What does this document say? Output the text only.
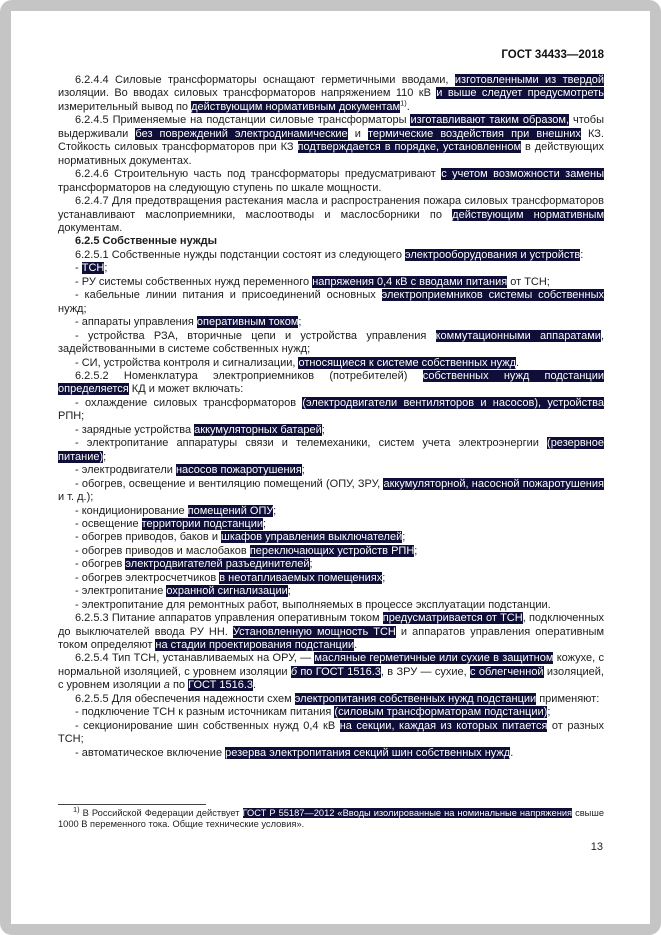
ГОСТ 34433—2018

6.2.4.4 Силовые трансформаторы оснащают герметичными вводами, изготовленными из твердой изоляции. Во вводах силовых трансформаторов напряжением 110 кВ и выше следует предусмотреть измерительный вывод по действующим нормативным документам$^{1)}$.

6.2.4.5 Применяемые на подстанции силовые трансформаторы изготавливают таким образом, чтобы выдерживали без повреждений электродинамические и термические воздействия при внешних КЗ. Стойкость силовых трансформаторов при КЗ подтверждается в порядке, установленном в действующих нормативных документах.

6.2.4.6 Строительную часть под трансформаторы предусматривают с учетом возможности замены трансформаторов на следующую ступень по шкале мощности.

6.2.4.7 Для предотвращения растекания масла и распространения пожара силовых трансформаторов устанавливают маслоприемники, маслоотводы и маслосборники по действующим нормативным документам.

6.2.5 Собственные нужды

6.2.5.1 Собственные нужды подстанции состоят из следующего электрооборудования и устройств:

- ТСН;

- РУ системы собственных нужд переменного напряжения 0,4 кВ с вводами питания от ТСН;

- кабельные линии питания и присоединений основных электроприемников системы собственных нужд;

- аппараты управления оперативным током;

- устройства РЗА, вторичные цепи и устройства управления коммутационными аппаратами, задействованными в системе собственных нужд;

- СИ, устройства контроля и сигнализации, относящиеся к системе собственных нужд.

6.2.5.2 Номенклатура электроприемников (потребителей) собственных нужд подстанции определяется КД и может включать:

- охлаждение силовых трансформаторов (электродвигатели вентиляторов и насосов), устройства РПН;

- зарядные устройства аккумуляторных батарей;

- электропитание аппаратуры связи и телемеханики, систем учета электроэнергии (резервное питание);

- электродвигатели насосов пожаротушения;

- обогрев, освещение и вентиляцию помещений (ОПУ, ЗРУ, аккумуляторной, насосной пожаротушения и т. д.);

- кондиционирование помещений ОПУ;

- освещение территории подстанции;

- обогрев приводов, баков и шкафов управления выключателей;

- обогрев приводов и маслобаков переключающих устройств РПН;

- обогрев электродвигателей разъединителей;

- обогрев электросчетчиков в неотапливаемых помещениях;

- электропитание охранной сигнализации;

- электропитание для ремонтных работ, выполняемых в процессе эксплуатации подстанции.

6.2.5.3 Питание аппаратов управления оперативным током предусматривается от ТСН, подключенных до выключателей ввода РУ НН. Установленную мощность ТСН и аппаратов управления оперативным током определяют на стадии проектирования подстанции.

6.2.5.4 Тип ТСН, устанавливаемых на ОРУ, — масляные герметичные или сухие в защитном кожухе, с нормальной изоляцией, с уровнем изоляции б по ГОСТ 1516.3, в ЗРУ — сухие, с облегченной изоляцией, с уровнем изоляции а по ГОСТ 1516.3.

6.2.5.5 Для обеспечения надежности схем электропитания собственных нужд подстанции применяют:

- подключение ТСН к разным источникам питания (силовым трансформаторам подстанции);

- секционирование шин собственных нужд 0,4 кВ на секции, каждая из которых питается от разных ТСН;

- автоматическое включение резерва электропитания секций шин собственных нужд.

$^{1)}$ В Российской Федерации действует ГОСТ Р 55187—2012 «Вводы изолированные на номинальные напряжения свыше 1000 В переменного тока. Общие технические условия».

13
